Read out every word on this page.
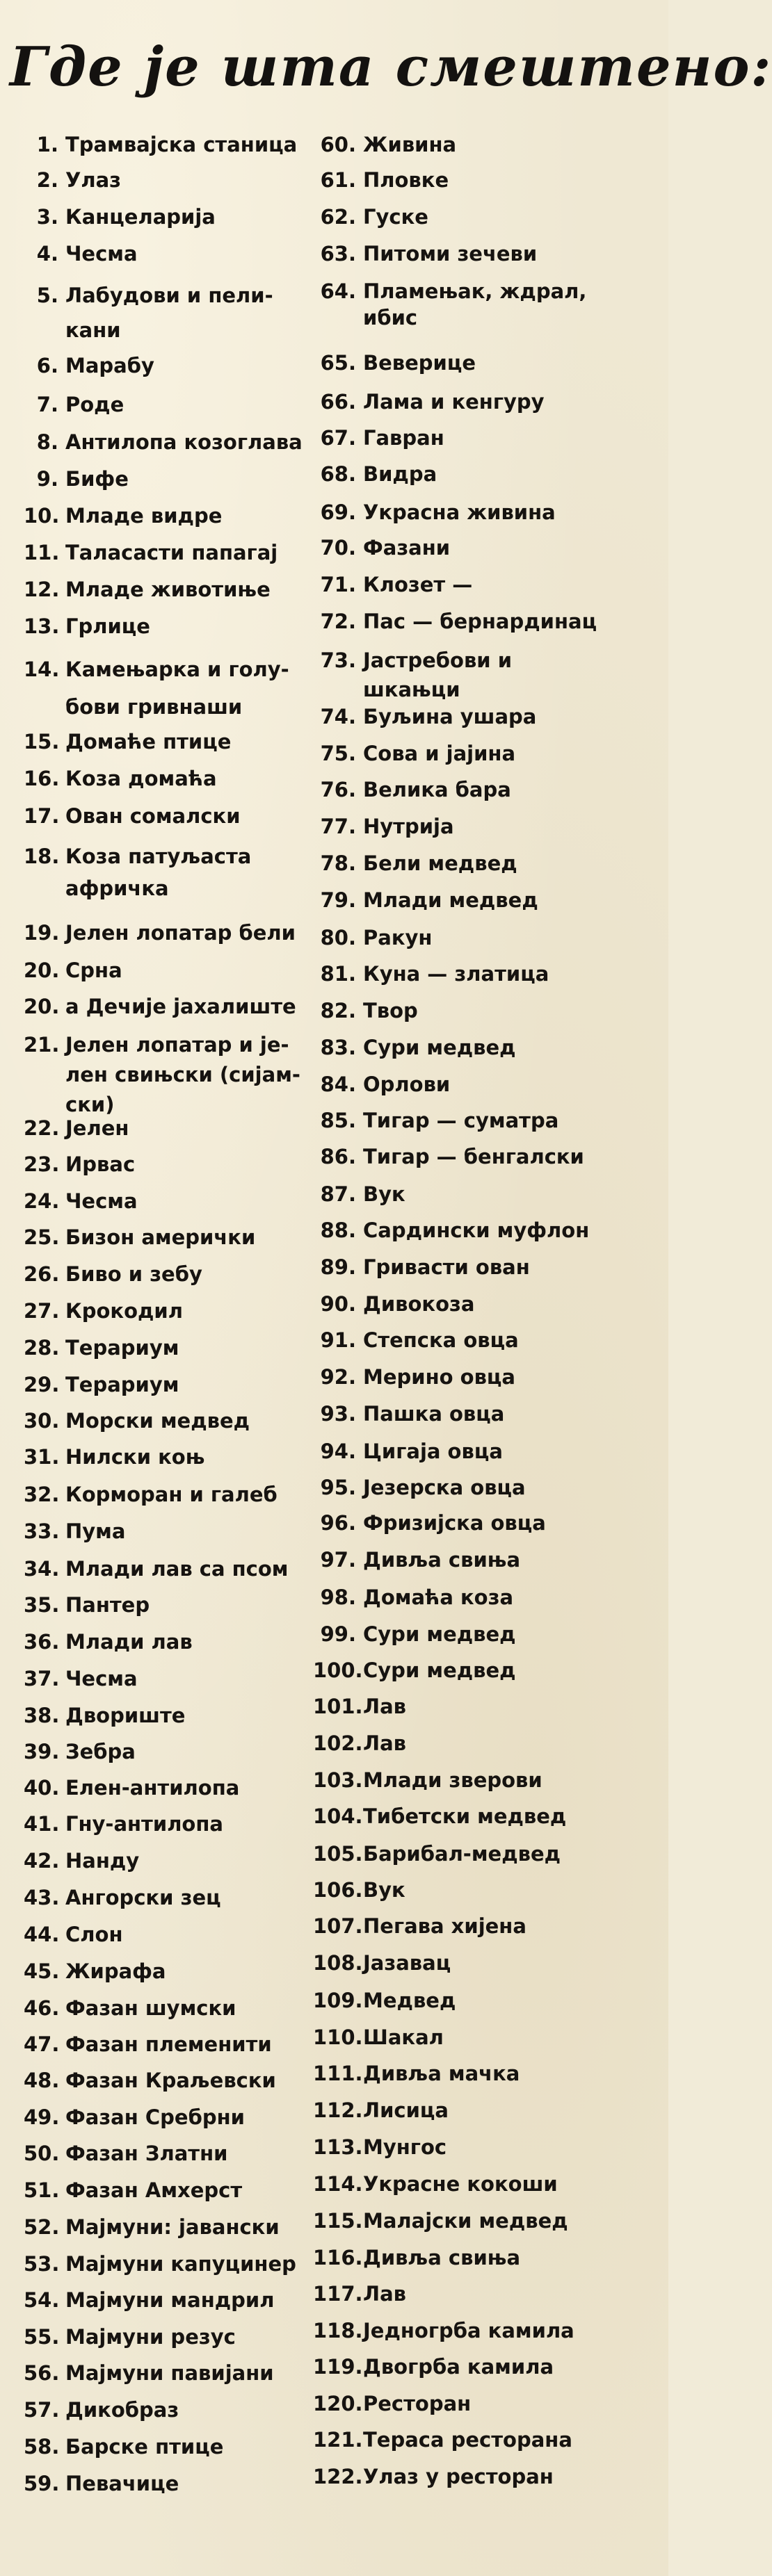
Где је шта смештено:
1. Трамвајска станица
2. Улаз
3. Канцеларија
4. Чесма
5. Лабудови и пели-
кани
6. Марабу
7. Роде
8. Антилопа козоглава
9. Бифе
10. Младе видре
11. Таласасти папагај
12. Младе животиње
13. Грлице
14. Камењарка и голу-
бови гривнаши
15. Домаће птице
16. Коза домаћа
17. Ован сомалски
18. Коза патуљаста
афричка
19. Јелен лопатар бели
20. Срна
20. а Дечије јахалиште
21. Јелен лопатар и је-
лен свињски (сијам-
ски)
22. Јелен
23. Ирвас
24. Чесма
25. Бизон амерички
26. Биво и зебу
27. Крокодил
28. Терариум
29. Терариум
30. Морски медвед
31. Нилски коњ
32. Корморан и галеб
33. Пума
34. Млади лав са псом
35. Пантер
36. Млади лав
37. Чесма
38. Двориште
39. Зебра
40. Елен-антилопа
41. Гну-антилопа
42. Нанду
43. Ангорски зец
44. Слон
45. Жирафа
46. Фазан шумски
47. Фазан племенити
48. Фазан Краљевски
49. Фазан Сребрни
50. Фазан Златни
51. Фазан Амхерст
52. Мајмуни: јавански
53. Мајмуни капуцинер
54. Мајмуни мандрил
55. Мајмуни резус
56. Мајмуни павијани
57. Дикобраз
58. Барске птице
59. Певачице
60. Живина
61. Пловке
62. Гуске
63. Питоми зечеви
64. Пламењак, ждрал,
ибис
65. Веверице
66. Лама и кенгуру
67. Гавран
68. Видра
69. Украсна живина
70. Фазани
71. Клозет —
72. Пас — бернардинац
73. Јастребови и
шкањци
74. Буљина ушара
75. Сова и јајина
76. Велика бара
77. Нутрија
78. Бели медвед
79. Млади медвед
80. Ракун
81. Куна — златица
82. Твор
83. Сури медвед
84. Орлови
85. Тигар — суматра
86. Тигар — бенгалски
87. Вук
88. Сардински муфлон
89. Гривасти ован
90. Дивокоза
91. Степска овца
92. Мерино овца
93. Пашка овца
94. Цигаја овца
95. Језерска овца
96. Фризијска овца
97. Дивља свиња
98. Домаћа коза
99. Сури медвед
100. Сури медвед
101. Лав
102. Лав
103. Млади зверови
104. Тибетски медвед
105. Барибал-медвед
106. Вук
107. Пегава хијена
108. Јазавац
109. Медвед
110. Шакал
111. Дивља мачка
112. Лисица
113. Мунгос
114. Украсне кокоши
115. Малајски медвед
116. Дивља свиња
117. Лав
118. Једногрба камила
119. Двогрба камила
120. Ресторан
121. Тераса ресторана
122. Улаз у ресторан
